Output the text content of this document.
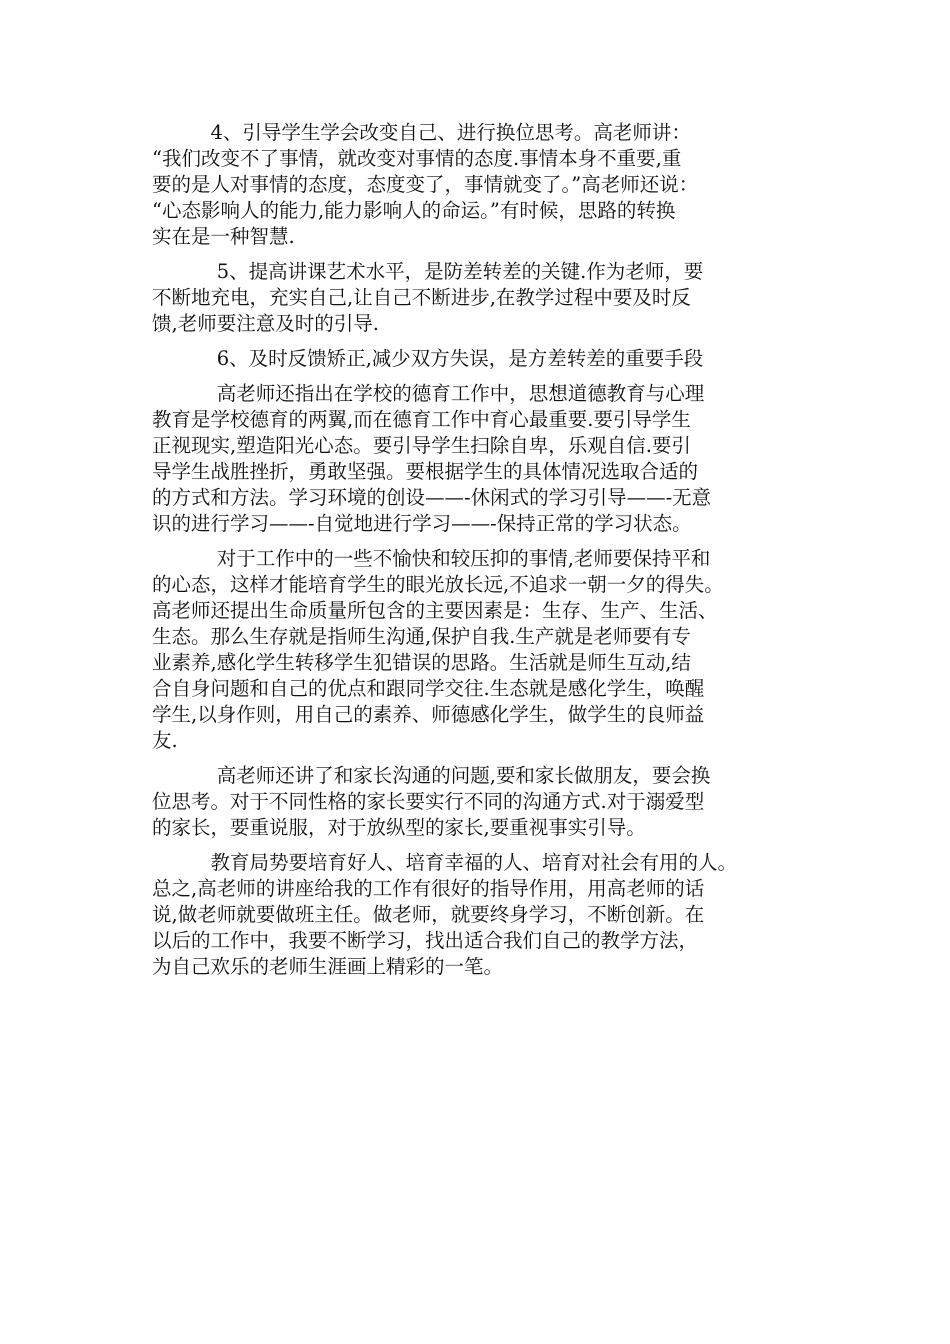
　　　4、引导学生学会改变自己、进行换位思考。高老师讲：
“我们改变不了事情，就改变对事情的态度.事情本身不重要,重
要的是人对事情的态度，态度变了，事情就变了。”高老师还说：
“心态影响人的能力,能力影响人的命运。”有时候，思路的转换
实在是一种智慧.
　　　 5、提高讲课艺术水平，是防差转差的关键.作为老师，要
不断地充电，充实自己,让自己不断进步,在教学过程中要及时反
馈,老师要注意及时的引导.
　　　 6、及时反馈矫正,减少双方失误，是方差转差的重要手段
　　　 高老师还指出在学校的德育工作中，思想道德教育与心理
教育是学校德育的两翼,而在德育工作中育心最重要.要引导学生
正视现实,塑造阳光心态。要引导学生扫除自卑，乐观自信.要引
导学生战胜挫折，勇敢坚强。要根据学生的具体情况选取合适的
的方式和方法。学习环境的创设——-休闲式的学习引导——-无意
识的进行学习——-自觉地进行学习——-保持正常的学习状态。
　　　 对于工作中的一些不愉快和较压抑的事情,老师要保持平和
的心态，这样才能培育学生的眼光放长远,不追求一朝一夕的得失。
高老师还提出生命质量所包含的主要因素是：生存、生产、生活、
生态。那么生存就是指师生沟通,保护自我.生产就是老师要有专
业素养,感化学生转移学生犯错误的思路。生活就是师生互动,结
合自身问题和自己的优点和跟同学交往.生态就是感化学生，唤醒
学生,以身作则，用自己的素养、师德感化学生，做学生的良师益
友.
　　　 高老师还讲了和家长沟通的问题,要和家长做朋友，要会换
位思考。对于不同性格的家长要实行不同的沟通方式.对于溺爱型
的家长，要重说服，对于放纵型的家长,要重视事实引导。
　　　教育局势要培育好人、培育幸福的人、培育对社会有用的人。
总之,高老师的讲座给我的工作有很好的指导作用，用高老师的话
说,做老师就要做班主任。做老师，就要终身学习，不断创新。在
以后的工作中，我要不断学习，找出适合我们自己的教学方法，
为自己欢乐的老师生涯画上精彩的一笔。
